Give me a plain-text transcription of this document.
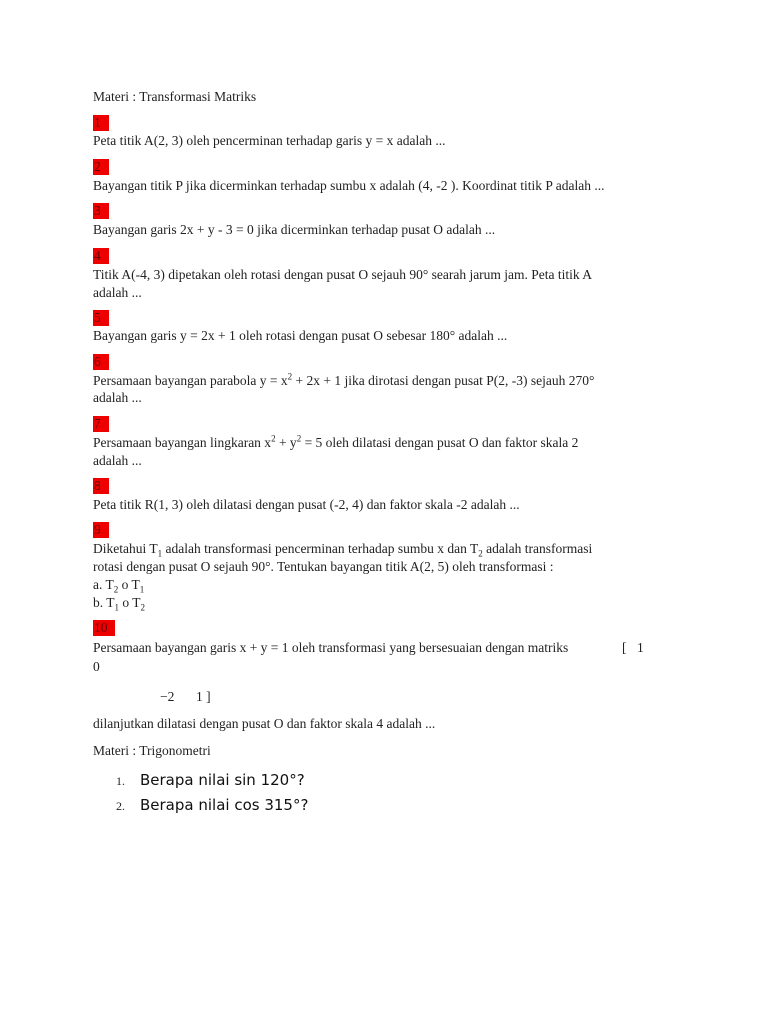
Materi : Transformasi Matriks
1
Peta titik A(2, 3) oleh pencerminan terhadap garis y = x adalah ...
2
Bayangan titik P jika dicerminkan terhadap sumbu x adalah (4, -2 ). Koordinat titik P adalah ...
3
Bayangan garis 2x + y - 3 = 0 jika dicerminkan terhadap pusat O adalah ...
4
Titik A(-4, 3) dipetakan oleh rotasi dengan pusat O sejauh 90° searah jarum jam. Peta titik A
adalah ...
5
Bayangan garis y = 2x + 1 oleh rotasi dengan pusat O sebesar 180° adalah ...
6
Persamaan bayangan parabola $y = x^2 + 2x + 1$ jika dirotasi dengan pusat P(2, -3) sejauh 270°
adalah ...
7
Persamaan bayangan lingkaran $x^2 + y^2 = 5$ oleh dilatasi dengan pusat O dan faktor skala 2
adalah ...
8
Peta titik R(1, 3) oleh dilatasi dengan pusat (-2, 4) dan faktor skala -2 adalah ...
9
Diketahui $T_1$ adalah transformasi pencerminan terhadap sumbu x dan $T_2$ adalah transformasi
rotasi dengan pusat O sejauh 90°. Tentukan bayangan titik A(2, 5) oleh transformasi :
a. $T_2$ o $T_1$
b. $T_1$ o $T_2$
10
Persamaan bayangan garis x + y = 1 oleh transformasi yang bersesuaian dengan matriks	[ 1
0
−2 1 ]
dilanjutkan dilatasi dengan pusat O dan faktor skala 4 adalah ...
Materi : Trigonometri
1. Berapa nilai sin 120°?
2. Berapa nilai cos 315°?
